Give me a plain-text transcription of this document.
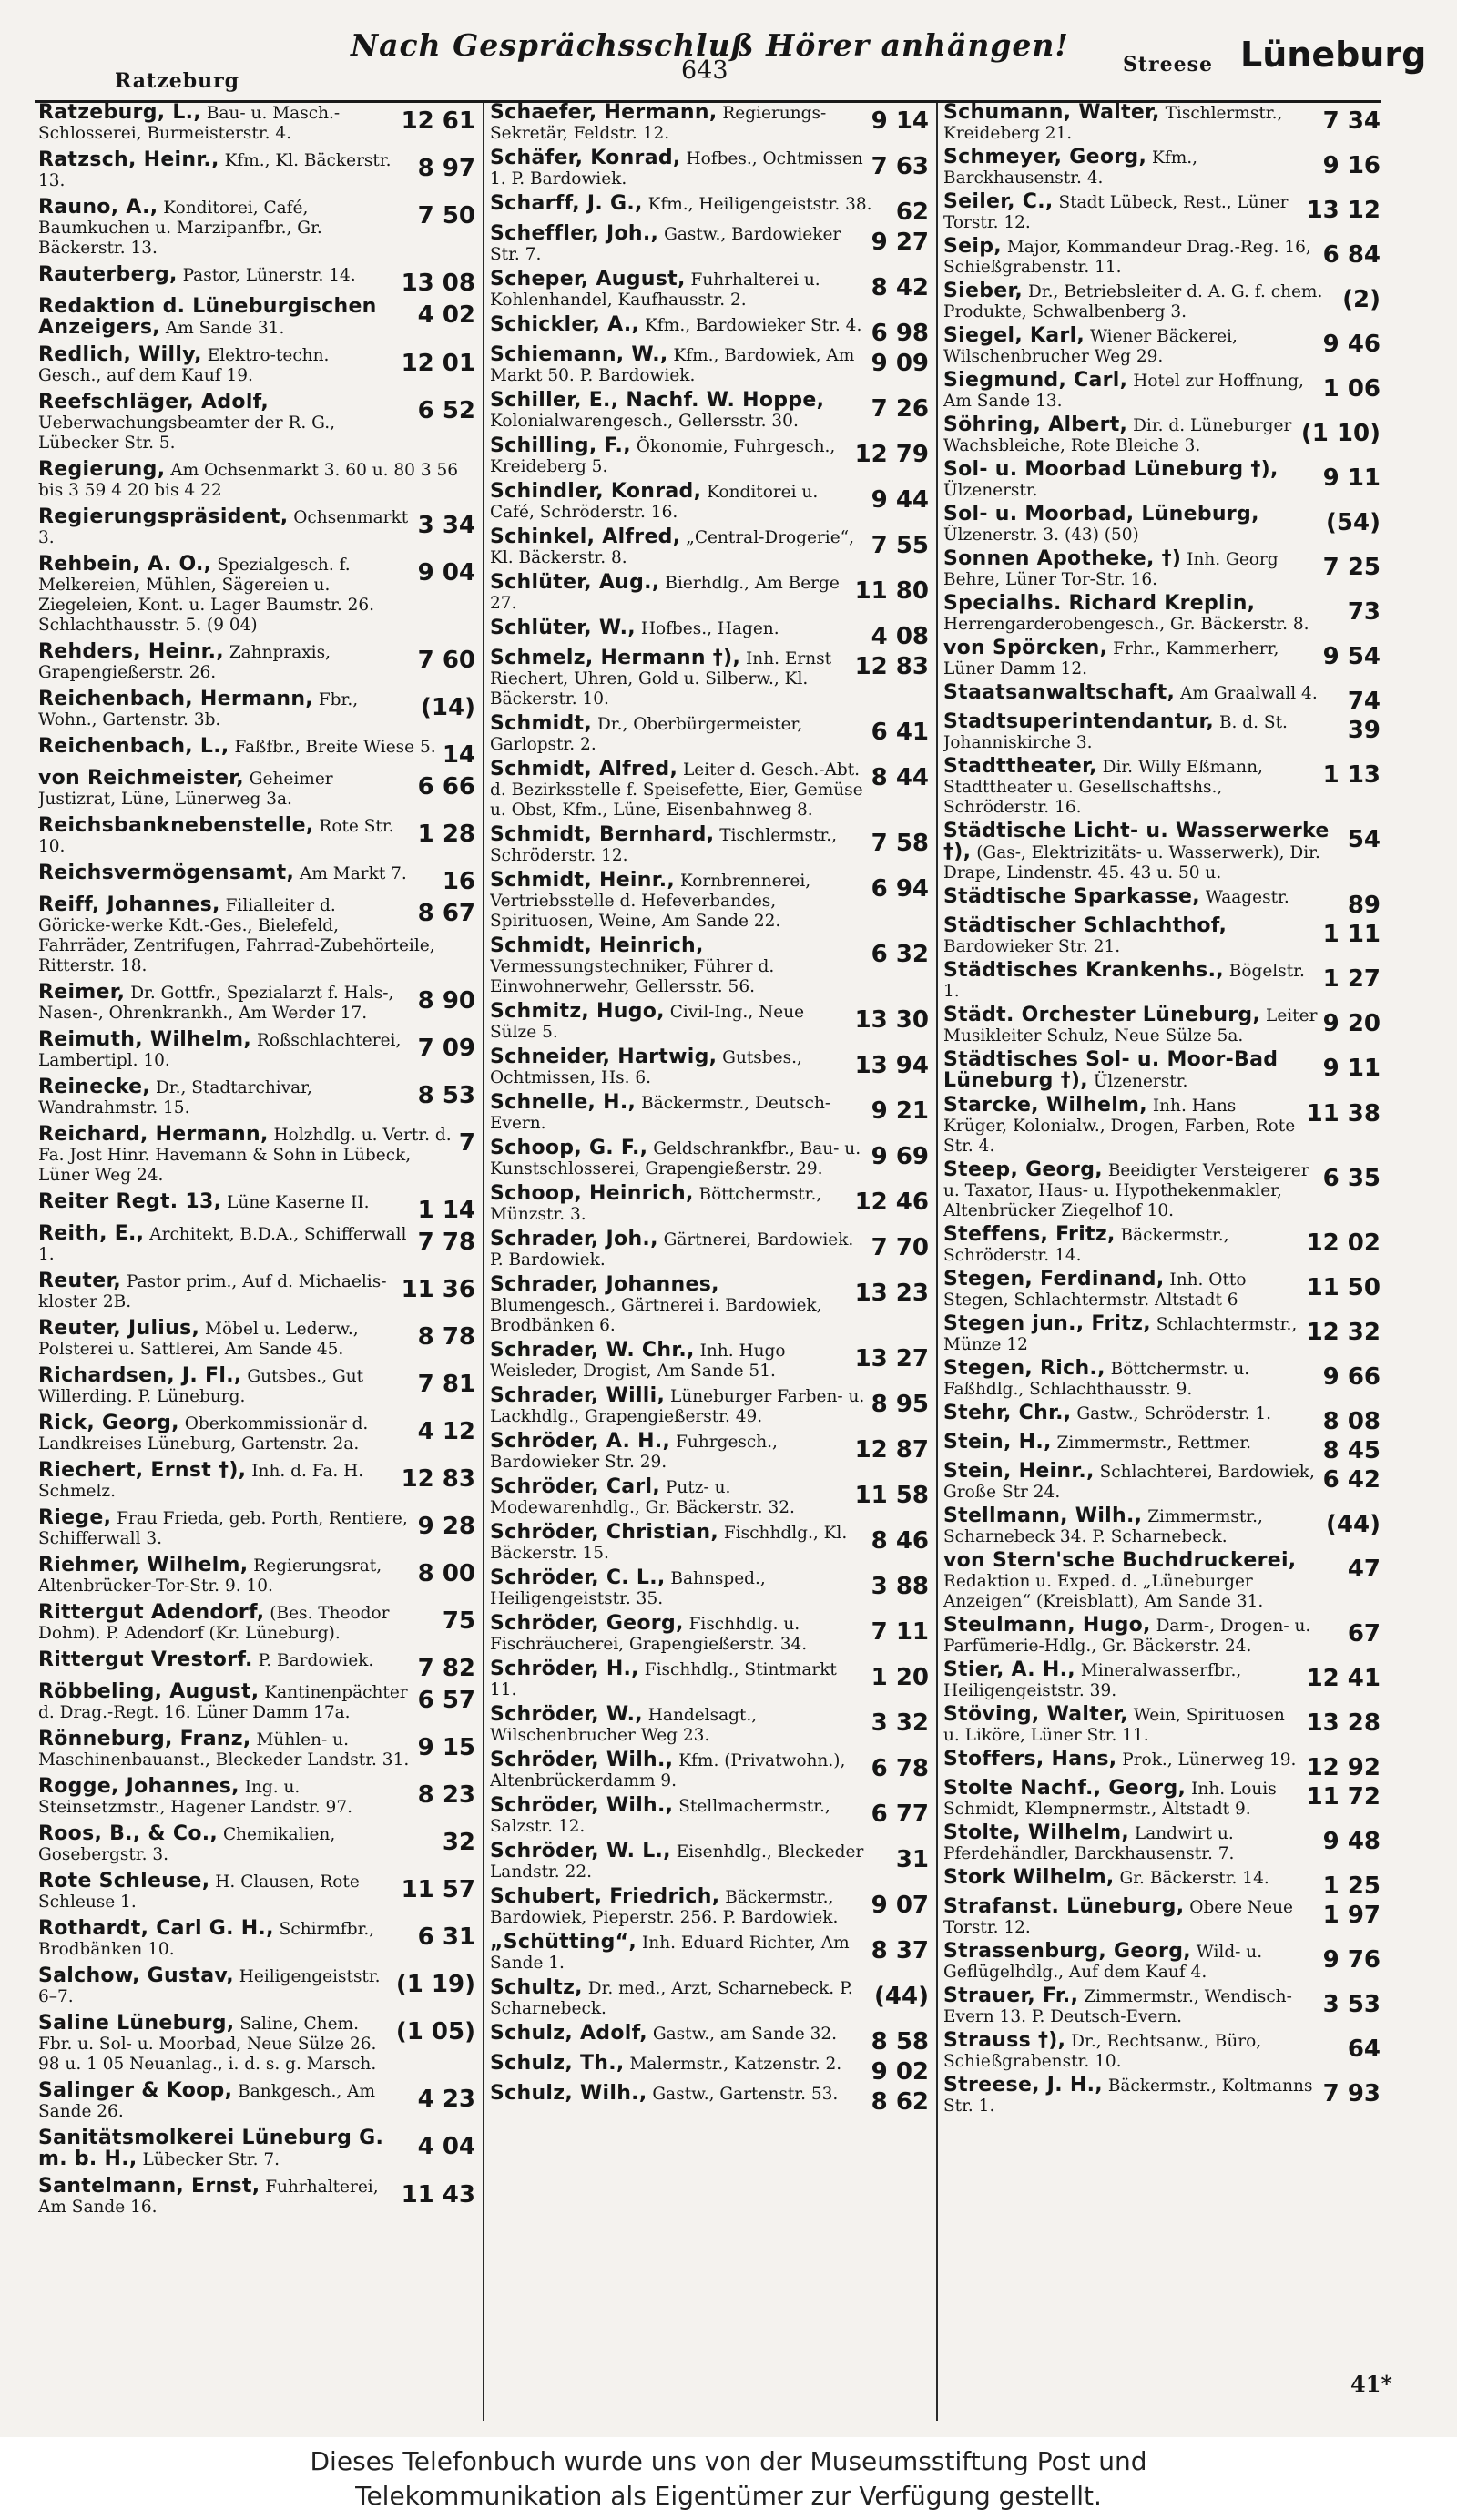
Ratzeburg
Nach Gesprächsschluß Hörer anhängen!
643	Streese Lüneburg
12 61
Ratzeburg, L., Bau- u. Masch.-Schlosserei, Burmeisterstr. 4.
8 97
Ratzsch, Heinr., Kfm., Kl. Bäckerstr. 13.
7 50
Rauno, A., Konditorei, Café, Baumkuchen u. Marzipanfbr., Gr. Bäckerstr. 13.
13 08
Rauterberg, Pastor, Lünerstr. 14.
4 02
Redaktion d. Lüneburgischen Anzeigers, Am Sande 31.
12 01
Redlich, Willy, Elektro-techn. Gesch., auf dem Kauf 19.
6 52
Reefschläger, Adolf, Ueberwachungsbeamter der R. G., Lübecker Str. 5.
Regierung, Am Ochsenmarkt 3. 60 u. 80 3 56 bis 3 59 4 20 bis 4 22
3 34
Regierungspräsident, Ochsenmarkt 3.
9 04
Rehbein, A. O., Spezialgesch. f. Melkereien, Mühlen, Sägereien u. Ziegeleien, Kont. u. Lager Baumstr. 26. Schlachthausstr. 5. (9 04)
7 60
Rehders, Heinr., Zahnpraxis, Grapengießerstr. 26.
(14)
Reichenbach, Hermann, Fbr., Wohn., Gartenstr. 3b.
14
Reichenbach, L., Faßfbr., Breite Wiese 5.
6 66
von Reichmeister, Geheimer Justizrat, Lüne, Lünerweg 3a.
1 28
Reichsbanknebenstelle, Rote Str. 10.
16
Reichsvermögensamt, Am Markt 7.
8 67
Reiff, Johannes, Filialleiter d. Göricke-werke Kdt.-Ges., Bielefeld, Fahrräder, Zentrifugen, Fahrrad-Zubehörteile, Ritterstr. 18.
8 90
Reimer, Dr. Gottfr., Spezialarzt f. Hals-, Nasen-, Ohrenkrankh., Am Werder 17.
7 09
Reimuth, Wilhelm, Roßschlachterei, Lambertipl. 10.
8 53
Reinecke, Dr., Stadtarchivar, Wandrahmstr. 15.
7
Reichard, Hermann, Holzhdlg. u. Vertr. d. Fa. Jost Hinr. Havemann & Sohn in Lübeck, Lüner Weg 24.
1 14
Reiter Regt. 13, Lüne Kaserne II.
7 78
Reith, E., Architekt, B.D.A., Schifferwall 1.
11 36
Reuter, Pastor prim., Auf d. Michaelis-kloster 2B.
8 78
Reuter, Julius, Möbel u. Lederw., Polsterei u. Sattlerei, Am Sande 45.
7 81
Richardsen, J. Fl., Gutsbes., Gut Willerding. P. Lüneburg.
4 12
Rick, Georg, Oberkommissionär d. Landkreises Lüneburg, Gartenstr. 2a.
12 83
Riechert, Ernst †), Inh. d. Fa. H. Schmelz.
9 28
Riege, Frau Frieda, geb. Porth, Rentiere, Schifferwall 3.
8 00
Riehmer, Wilhelm, Regierungsrat, Altenbrücker-Tor-Str. 9. 10.
75
Rittergut Adendorf, (Bes. Theodor Dohm). P. Adendorf (Kr. Lüneburg).
7 82
Rittergut Vrestorf. P. Bardowiek.
6 57
Röbbeling, August, Kantinenpächter d. Drag.-Regt. 16. Lüner Damm 17a.
9 15
Rönneburg, Franz, Mühlen- u. Maschinenbauanst., Bleckeder Landstr. 31.
8 23
Rogge, Johannes, Ing. u. Steinsetzmstr., Hagener Landstr. 97.
32
Roos, B., & Co., Chemikalien, Gosebergstr. 3.
11 57
Rote Schleuse, H. Clausen, Rote Schleuse 1.
6 31
Rothardt, Carl G. H., Schirmfbr., Brodbänken 10.
(1 19)
Salchow, Gustav, Heiligengeiststr. 6–7.
(1 05)
Saline Lüneburg, Saline, Chem. Fbr. u. Sol- u. Moorbad, Neue Sülze 26. 98 u. 1 05 Neuanlag., i. d. s. g. Marsch.
4 23
Salinger & Koop, Bankgesch., Am Sande 26.
4 04
Sanitätsmolkerei Lüneburg G. m. b. H., Lübecker Str. 7.
11 43
Santelmann, Ernst, Fuhrhalterei, Am Sande 16.
9 14
Schaefer, Hermann, Regierungs-Sekretär, Feldstr. 12.
7 63
Schäfer, Konrad, Hofbes., Ochtmissen 1. P. Bardowiek.
62
Scharff, J. G., Kfm., Heiligengeiststr. 38.
9 27
Scheffler, Joh., Gastw., Bardowieker Str. 7.
8 42
Scheper, August, Fuhrhalterei u. Kohlenhandel, Kaufhausstr. 2.
6 98
Schickler, A., Kfm., Bardowieker Str. 4.
9 09
Schiemann, W., Kfm., Bardowiek, Am Markt 50. P. Bardowiek.
7 26
Schiller, E., Nachf. W. Hoppe, Kolonialwarengesch., Gellersstr. 30.
12 79
Schilling, F., Ökonomie, Fuhrgesch., Kreideberg 5.
9 44
Schindler, Konrad, Konditorei u. Café, Schröderstr. 16.
7 55
Schinkel, Alfred, „Central-Drogerie“, Kl. Bäckerstr. 8.
11 80
Schlüter, Aug., Bierhdlg., Am Berge 27.
4 08
Schlüter, W., Hofbes., Hagen.
12 83
Schmelz, Hermann †), Inh. Ernst Riechert, Uhren, Gold u. Silberw., Kl. Bäckerstr. 10.
6 41
Schmidt, Dr., Oberbürgermeister, Garlopstr. 2.
8 44
Schmidt, Alfred, Leiter d. Gesch.-Abt. d. Bezirksstelle f. Speisefette, Eier, Gemüse u. Obst, Kfm., Lüne, Eisenbahnweg 8.
7 58
Schmidt, Bernhard, Tischlermstr., Schröderstr. 12.
6 94
Schmidt, Heinr., Kornbrennerei, Vertriebsstelle d. Hefeverbandes, Spirituosen, Weine, Am Sande 22.
6 32
Schmidt, Heinrich, Vermessungstechniker, Führer d. Einwohnerwehr, Gellersstr. 56.
13 30
Schmitz, Hugo, Civil-Ing., Neue Sülze 5.
13 94
Schneider, Hartwig, Gutsbes., Ochtmissen, Hs. 6.
9 21
Schnelle, H., Bäckermstr., Deutsch-Evern.
9 69
Schoop, G. F., Geldschrankfbr., Bau- u. Kunstschlosserei, Grapengießerstr. 29.
12 46
Schoop, Heinrich, Böttchermstr., Münzstr. 3.
7 70
Schrader, Joh., Gärtnerei, Bardowiek. P. Bardowiek.
13 23
Schrader, Johannes, Blumengesch., Gärtnerei i. Bardowiek, Brodbänken 6.
13 27
Schrader, W. Chr., Inh. Hugo Weisleder, Drogist, Am Sande 51.
8 95
Schrader, Willi, Lüneburger Farben- u. Lackhdlg., Grapengießerstr. 49.
12 87
Schröder, A. H., Fuhrgesch., Bardowieker Str. 29.
11 58
Schröder, Carl, Putz- u. Modewarenhdlg., Gr. Bäckerstr. 32.
8 46
Schröder, Christian, Fischhdlg., Kl. Bäckerstr. 15.
3 88
Schröder, C. L., Bahnsped., Heiligengeiststr. 35.
7 11
Schröder, Georg, Fischhdlg. u. Fischräucherei, Grapengießerstr. 34.
1 20
Schröder, H., Fischhdlg., Stintmarkt 11.
3 32
Schröder, W., Handelsagt., Wilschenbrucher Weg 23.
6 78
Schröder, Wilh., Kfm. (Privatwohn.), Altenbrückerdamm 9.
6 77
Schröder, Wilh., Stellmachermstr., Salzstr. 12.
31
Schröder, W. L., Eisenhdlg., Bleckeder Landstr. 22.
9 07
Schubert, Friedrich, Bäckermstr., Bardowiek, Pieperstr. 256. P. Bardowiek.
8 37
„Schütting“, Inh. Eduard Richter, Am Sande 1.
(44)
Schultz, Dr. med., Arzt, Scharnebeck. P. Scharnebeck.
8 58
Schulz, Adolf, Gastw., am Sande 32.
9 02
Schulz, Th., Malermstr., Katzenstr. 2.
8 62
Schulz, Wilh., Gastw., Gartenstr. 53.
7 34
Schumann, Walter, Tischlermstr., Kreideberg 21.
9 16
Schmeyer, Georg, Kfm., Barckhausenstr. 4.
13 12
Seiler, C., Stadt Lübeck, Rest., Lüner Torstr. 12.
6 84
Seip, Major, Kommandeur Drag.-Reg. 16, Schießgrabenstr. 11.
(2)
Sieber, Dr., Betriebsleiter d. A. G. f. chem. Produkte, Schwalbenberg 3.
9 46
Siegel, Karl, Wiener Bäckerei, Wilschenbrucher Weg 29.
1 06
Siegmund, Carl, Hotel zur Hoffnung, Am Sande 13.
(1 10)
Söhring, Albert, Dir. d. Lüneburger Wachsbleiche, Rote Bleiche 3.
9 11
Sol- u. Moorbad Lüneburg †), Ülzenerstr.
(54)
Sol- u. Moorbad, Lüneburg, Ülzenerstr. 3. (43) (50)
7 25
Sonnen Apotheke, †) Inh. Georg Behre, Lüner Tor-Str. 16.
73
Specialhs. Richard Kreplin, Herrengarderobengesch., Gr. Bäckerstr. 8.
9 54
von Spörcken, Frhr., Kammerherr, Lüner Damm 12.
74
Staatsanwaltschaft, Am Graalwall 4.
39
Stadtsuperintendantur, B. d. St. Johanniskirche 3.
1 13
Stadttheater, Dir. Willy Eßmann, Stadttheater u. Gesellschaftshs., Schröderstr. 16.
54
Städtische Licht- u. Wasserwerke †), (Gas-, Elektrizitäts- u. Wasserwerk), Dir. Drape, Lindenstr. 45. 43 u. 50 u.
89
Städtische Sparkasse, Waagestr.
1 11
Städtischer Schlachthof, Bardowieker Str. 21.
1 27
Städtisches Krankenhs., Bögelstr. 1.
9 20
Städt. Orchester Lüneburg, Leiter Musikleiter Schulz, Neue Sülze 5a.
9 11
Städtisches Sol- u. Moor-Bad Lüneburg †), Ülzenerstr.
11 38
Starcke, Wilhelm, Inh. Hans Krüger, Kolonialw., Drogen, Farben, Rote Str. 4.
6 35
Steep, Georg, Beeidigter Versteigerer u. Taxator, Haus- u. Hypothekenmakler, Altenbrücker Ziegelhof 10.
12 02
Steffens, Fritz, Bäckermstr., Schröderstr. 14.
11 50
Stegen, Ferdinand, Inh. Otto Stegen, Schlachtermstr. Altstadt 6
12 32
Stegen jun., Fritz, Schlachtermstr., Münze 12
9 66
Stegen, Rich., Böttchermstr. u. Faßhdlg., Schlachthausstr. 9.
8 08
Stehr, Chr., Gastw., Schröderstr. 1.
8 45
Stein, H., Zimmermstr., Rettmer.
6 42
Stein, Heinr., Schlachterei, Bardowiek, Große Str 24.
(44)
Stellmann, Wilh., Zimmermstr., Scharnebeck 34. P. Scharnebeck.
47
von Stern'sche Buchdruckerei, Redaktion u. Exped. d. „Lüneburger Anzeigen“ (Kreisblatt), Am Sande 31.
67
Steulmann, Hugo, Darm-, Drogen- u. Parfümerie-Hdlg., Gr. Bäckerstr. 24.
12 41
Stier, A. H., Mineralwasserfbr., Heiligengeiststr. 39.
13 28
Stöving, Walter, Wein, Spirituosen u. Liköre, Lüner Str. 11.
12 92
Stoffers, Hans, Prok., Lünerweg 19.
11 72
Stolte Nachf., Georg, Inh. Louis Schmidt, Klempnermstr., Altstadt 9.
9 48
Stolte, Wilhelm, Landwirt u. Pferdehändler, Barckhausenstr. 7.
1 25
Stork Wilhelm, Gr. Bäckerstr. 14.
1 97
Strafanst. Lüneburg, Obere Neue Torstr. 12.
9 76
Strassenburg, Georg, Wild- u. Geflügelhdlg., Auf dem Kauf 4.
3 53
Strauer, Fr., Zimmermstr., Wendisch-Evern 13. P. Deutsch-Evern.
64
Strauss †), Dr., Rechtsanw., Büro, Schießgrabenstr. 10.
7 93
Streese, J. H., Bäckermstr., Koltmanns Str. 1.
41*
Dieses Telefonbuch wurde uns von der Museumsstiftung Post und
Telekommunikation als Eigentümer zur Verfügung gestellt.
